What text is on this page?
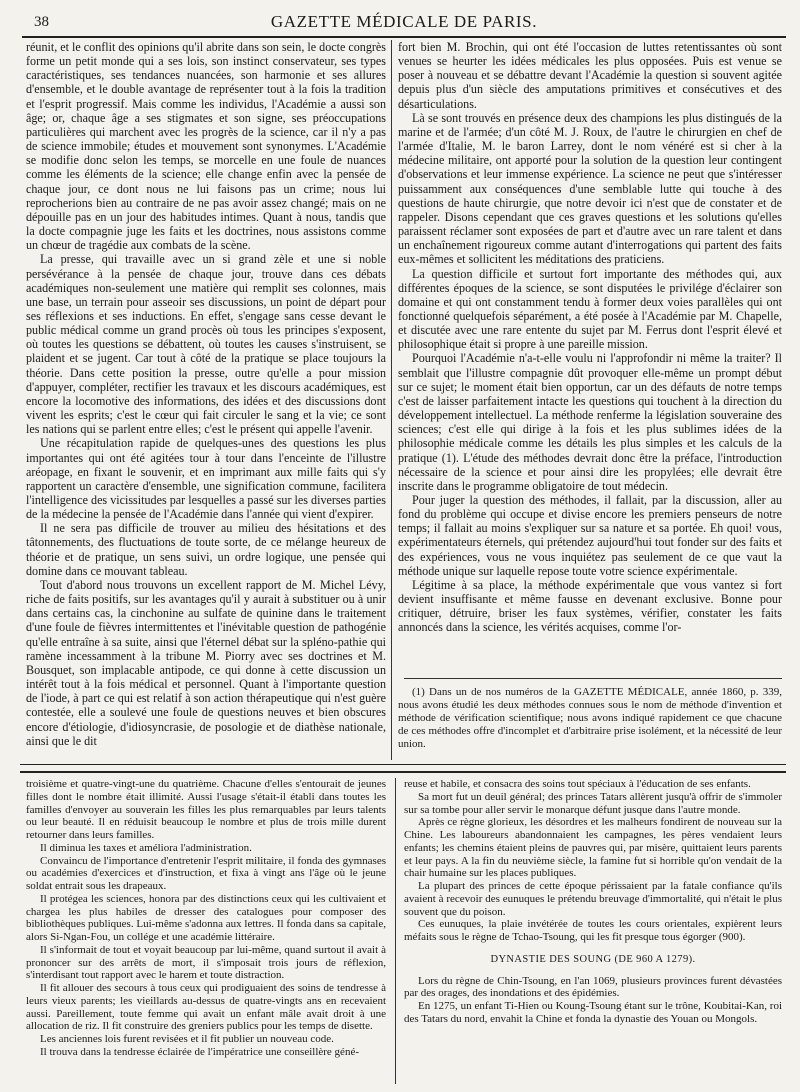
38	GAZETTE MÉDICALE DE PARIS.

réunit, et le conflit des opinions qu'il abrite dans son sein, le docte congrès forme un petit monde qui a ses lois, son instinct conservateur, ses types caractéristiques, ses tendances nuancées, son harmonie et ses allures d'ensemble, et le double avantage de représenter tout à la fois la tradition et l'esprit progressif. Mais comme les individus, l'Académie a aussi son âge; or, chaque âge a ses stigmates et son signe, ses préoccupations particulières qui marchent avec les progrès de la science, car il n'y a pas de science immobile; études et mouvement sont synonymes. L'Académie se modifie donc selon les temps, se morcelle en une foule de nuances comme les éléments de la science; elle change enfin avec la pensée de chaque jour, ce dont nous ne lui faisons pas un crime; nous lui reprocherions bien au contraire de ne pas avoir assez changé; mais on ne dépouille pas en un jour des habitudes intimes. Quant à nous, tandis que la docte compagnie juge les faits et les doctrines, nous assistons comme un chœur de tragédie aux combats de la scène.

La presse, qui travaille avec un si grand zèle et une si noble persévérance à la pensée de chaque jour, trouve dans ces débats académiques non-seulement une matière qui remplit ses colonnes, mais une base, un terrain pour asseoir ses discussions, un point de départ pour ses réflexions et ses inductions. En effet, s'engage sans cesse devant le public médical comme un grand procès où tous les principes s'exposent, où toutes les questions se débattent, où toutes les causes s'instruisent, se plaident et se jugent. Car tout à côté de la pratique se place toujours la théorie. Dans cette position la presse, outre qu'elle a pour mission d'appuyer, compléter, rectifier les travaux et les discours académiques, est encore la locomotive des informations, des idées et des discussions dont vivent les esprits; c'est le cœur qui fait circuler le sang et la vie; ce sont les nations qui se parlent entre elles; c'est le présent qui appelle l'avenir.

Une récapitulation rapide de quelques-unes des questions les plus importantes qui ont été agitées tour à tour dans l'enceinte de l'illustre aréopage, en fixant le souvenir, et en imprimant aux mille faits qui s'y rapportent un caractère d'ensemble, une signification commune, facilitera l'intelligence des vicissitudes par lesquelles a passé sur les diverses parties de la médecine la pensée de l'Académie dans l'année qui vient d'expirer.

Il ne sera pas difficile de trouver au milieu des hésitations et des tâtonnements, des fluctuations de toute sorte, de ce mélange heureux de théorie et de pratique, un sens suivi, un ordre logique, une pensée qui domine dans ce mouvant tableau.

Tout d'abord nous trouvons un excellent rapport de M. Michel Lévy, riche de faits positifs, sur les avantages qu'il y aurait à substituer ou à unir dans certains cas, la cinchonine au sulfate de quinine dans le traitement d'une foule de fièvres intermittentes et l'inévitable question de pathogénie qu'elle entraîne à sa suite, ainsi que l'éternel débat sur la spléno-pathie qui ramène incessamment à la tribune M. Piorry avec ses doctrines et M. Bousquet, son implacable antipode, ce qui donne à cette discussion un intérêt tout à la fois médical et personnel. Quant à l'importante question de l'iode, à part ce qui est relatif à son action thérapeutique qui n'est guère contestée, elle a soulevé une foule de questions neuves et bien obscures encore d'étiologie, d'idiosyncrasie, de posologie et de diathèse nationale, ainsi que le dit

fort bien M. Brochin, qui ont été l'occasion de luttes retentissantes où sont venues se heurter les idées médicales les plus opposées. Puis est venue se poser à nouveau et se débattre devant l'Académie la question si souvent agitée depuis plus d'un siècle des amputations primitives et consécutives et des désarticulations.

Là se sont trouvés en présence deux des champions les plus distingués de la marine et de l'armée; d'un côté M. J. Roux, de l'autre le chirurgien en chef de l'armée d'Italie, M. le baron Larrey, dont le nom vénéré est si cher à la médecine militaire, ont apporté pour la solution de la question leur contingent d'observations et leur immense expérience. La science ne peut que s'intéresser puissamment aux conséquences d'une semblable lutte qui touche à des questions de haute chirurgie, que notre devoir ici n'est que de constater et de rappeler. Disons cependant que ces graves questions et les solutions qu'elles paraissent réclamer sont exposées de part et d'autre avec un rare talent et dans un enchaînement rigoureux comme autant d'interrogations qui partent des faits eux-mêmes et sollicitent les méditations des praticiens.

La question difficile et surtout fort importante des méthodes qui, aux différentes époques de la science, se sont disputées le privilége d'éclairer son domaine et qui ont constamment tendu à former deux voies parallèles qui ont fonctionné quelquefois séparément, a été posée à l'Académie par M. Chapelle, et discutée avec une rare entente du sujet par M. Ferrus dont l'esprit élevé et philosophique était si propre à une pareille mission.

Pourquoi l'Académie n'a-t-elle voulu ni l'approfondir ni même la traiter? Il semblait que l'illustre compagnie dût provoquer elle-même un prompt début sur ce sujet; le moment était bien opportun, car un des défauts de notre temps c'est de laisser parfaitement intacte les questions qui touchent à la direction du développement intellectuel. La méthode renferme la législation souveraine des sciences; c'est elle qui dirige à la fois et les plus sublimes idées de la philosophie médicale comme les détails les plus simples et les calculs de la pratique (1). L'étude des méthodes devrait donc être la préface, l'introduction nécessaire de la science et pour ainsi dire les propylées; elle devrait être inscrite dans le programme obligatoire de tout médecin.

Pour juger la question des méthodes, il fallait, par la discussion, aller au fond du problème qui occupe et divise encore les premiers penseurs de notre temps; il fallait au moins s'expliquer sur sa nature et sa portée. Eh quoi! vous, expérimentateurs éternels, qui prétendez aujourd'hui tout fonder sur des faits et des expériences, vous ne vous inquiétez pas seulement de ce que vaut la méthode unique sur laquelle repose toute votre science expérimentale.

Légitime à sa place, la méthode expérimentale que vous vantez si fort devient insuffisante et même fausse en devenant exclusive. Bonne pour critiquer, détruire, briser les faux systèmes, vérifier, constater les faits annoncés dans la science, les vérités acquises, comme l'or-

(1) Dans un de nos numéros de la GAZETTE MÉDICALE, année 1860, p. 339, nous avons étudié les deux méthodes connues sous le nom de méthode d'invention et méthode de vérification scientifique; nous avons indiqué rapidement ce que chacune de ces méthodes offre d'incomplet et d'arbitraire prise isolément, et la nécessité de leur union.

troisième et quatre-vingt-une du quatrième. Chacune d'elles s'entourait de jeunes filles dont le nombre était illimité. Aussi l'usage s'était-il établi dans toutes les familles d'envoyer au souverain les filles les plus remarquables par leurs talents ou leur beauté. Il en réduisit beaucoup le nombre et plus de trois mille durent retourner dans leurs familles.

Il diminua les taxes et améliora l'administration.

Convaincu de l'importance d'entretenir l'esprit militaire, il fonda des gymnases ou académies d'exercices et d'instruction, et fixa à vingt ans l'âge où le jeune soldat entrait sous les drapeaux.

Il protégea les sciences, honora par des distinctions ceux qui les cultivaient et chargea les plus habiles de dresser des catalogues pour composer des bibliothèques publiques. Lui-même s'adonna aux lettres. Il fonda dans sa capitale, alors Si-Ngan-Fou, un collége et une académie littéraire.

Il s'informait de tout et voyait beaucoup par lui-même, quand surtout il avait à prononcer sur des arrêts de mort, il s'imposait trois jours de réflexion, s'interdisant tout rapport avec le harem et toute distraction.

Il fit allouer des secours à tous ceux qui prodiguaient des soins de tendresse à leurs vieux parents; les vieillards au-dessus de quatre-vingts ans en recevaient aussi. Pareillement, toute femme qui avait un enfant mâle avait droit à une allocation de riz. Il fit construire des greniers publics pour les temps de disette.

Les anciennes lois furent revisées et il fit publier un nouveau code.

Il trouva dans la tendresse éclairée de l'impératrice une conseillère géné-

reuse et habile, et consacra des soins tout spéciaux à l'éducation de ses enfants.

Sa mort fut un deuil général; des princes Tatars allèrent jusqu'à offrir de s'immoler sur sa tombe pour aller servir le monarque défunt jusque dans l'autre monde.

Après ce règne glorieux, les désordres et les malheurs fondirent de nouveau sur la Chine. Les laboureurs abandonnaient les campagnes, les pères vendaient leurs enfants; les chemins étaient pleins de pauvres qui, par misère, quittaient leurs parents et leur pays. A la fin du neuvième siècle, la famine fut si horrible qu'on vendait de la chair humaine sur les places publiques.

La plupart des princes de cette époque périssaient par la fatale confiance qu'ils avaient à recevoir des eunuques le prétendu breuvage d'immortalité, qui n'était le plus souvent que du poison.

Ces eunuques, la plaie invétérée de toutes les cours orientales, expièrent leurs méfaits sous le règne de Tchao-Tsoung, qui les fit presque tous égorger (900).

DYNASTIE DES SOUNG (DE 960 A 1279).

Lors du règne de Chin-Tsoung, en l'an 1069, plusieurs provinces furent dévastées par des orages, des inondations et des épidémies.

En 1275, un enfant Ti-Hien ou Koung-Tsoung étant sur le trône, Koubitai-Kan, roi des Tatars du nord, envahit la Chine et fonda la dynastie des Youan ou Mongols.
